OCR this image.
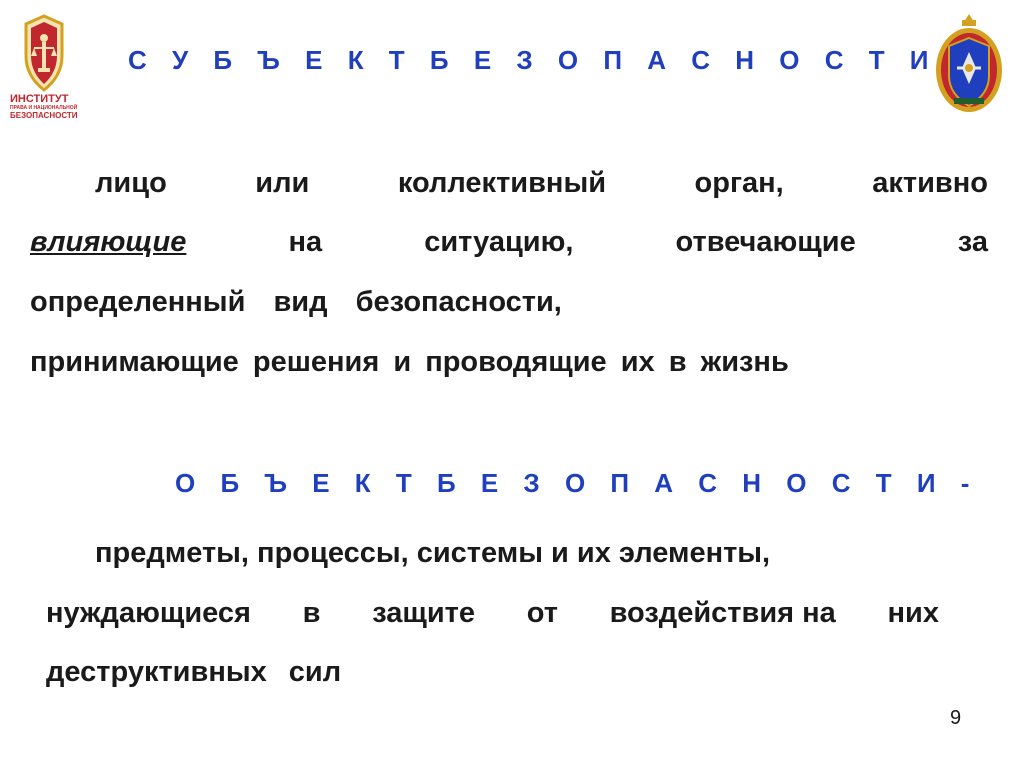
ИНСТИТУТ
ПРАВА И НАЦИОНАЛЬНОЙ
БЕЗОПАСНОСТИ
С У Б Ъ Е К Т Б Е З О П А С Н О С Т И -
лицо	или	коллективный	орган,	активно
влияющие	на	ситуацию,	отвечающие	за
определенный вид безопасности,
принимающие решения и проводящие их в жизнь
О Б Ъ Е К Т Б Е З О П А С Н О С Т И -
предметы, процессы, системы и их элементы,
нуждающиеся в защите от воздействия на них
деструктивных сил
9
